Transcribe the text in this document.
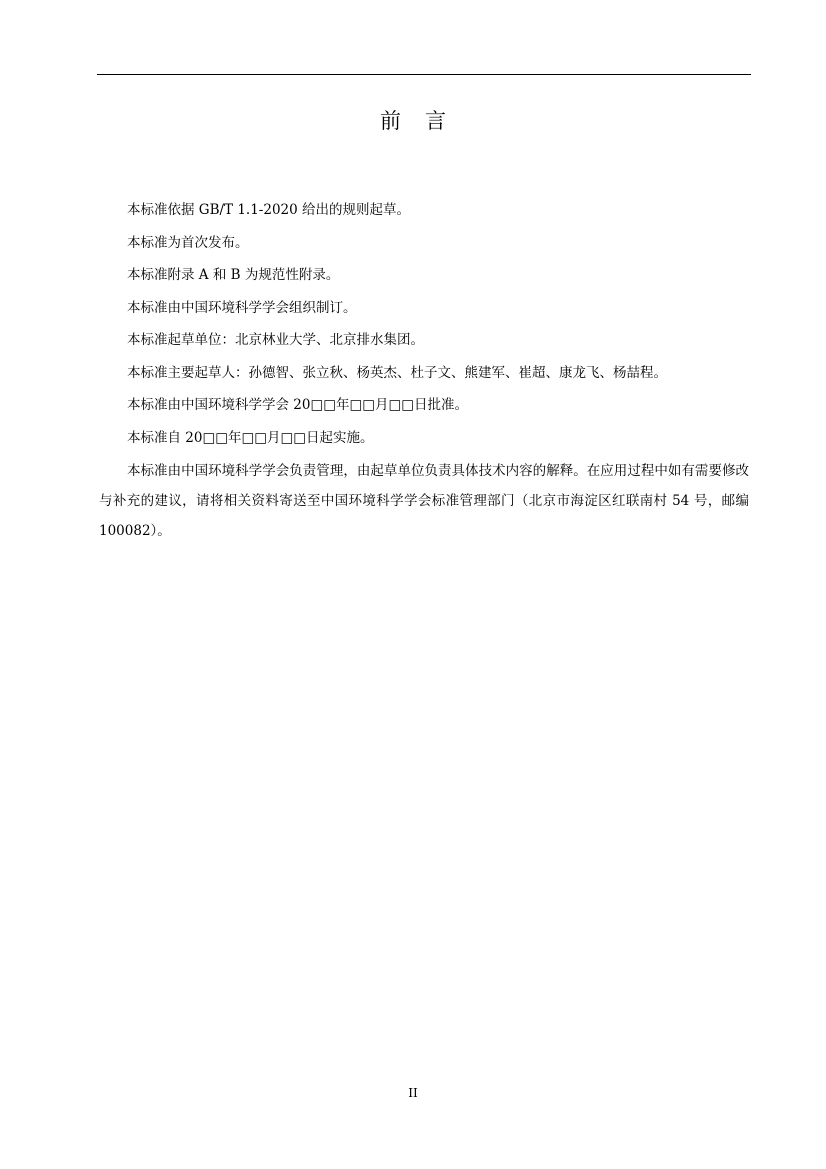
前言

本标准依据 GB/T 1.1-2020 给出的规则起草。

本标准为首次发布。

本标准附录 A 和 B 为规范性附录。

本标准由中国环境科学学会组织制订。

本标准起草单位：北京林业大学、北京排水集团。

本标准主要起草人：孙德智、张立秋、杨英杰、杜子文、熊建军、崔超、康龙飞、杨喆程。

本标准由中国环境科学学会 20□□年□□月□□日批准。

本标准自 20□□年□□月□□日起实施。

本标准由中国环境科学学会负责管理，由起草单位负责具体技术内容的解释。在应用过程中如有需要修改与补充的建议，请将相关资料寄送至中国环境科学学会标准管理部门（北京市海淀区红联南村 54 号，邮编 100082）。

II
